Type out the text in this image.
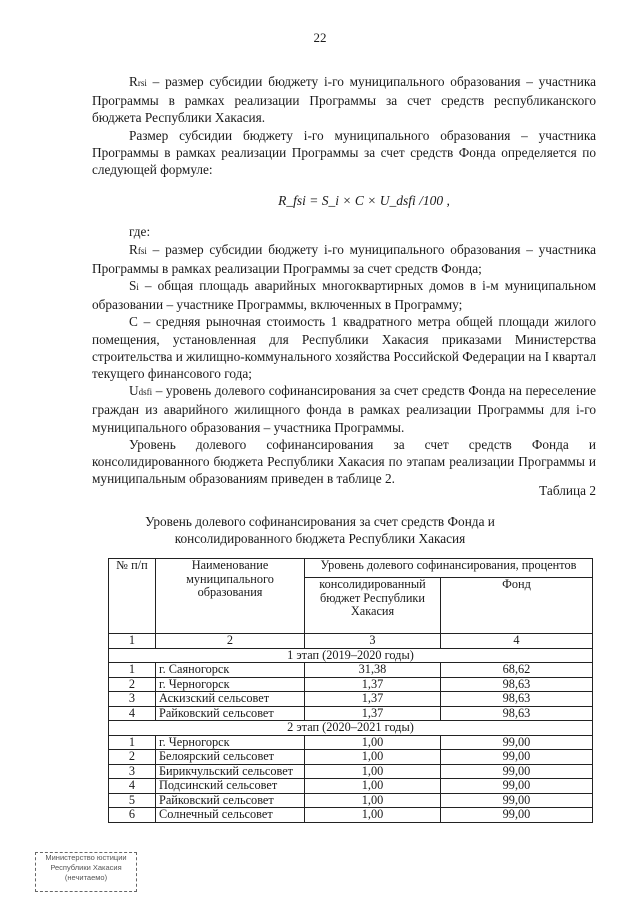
22

Rrsi – размер субсидии бюджету i-го муниципального образования – участника Программы в рамках реализации Программы за счет средств республиканского бюджета Республики Хакасия.

Размер субсидии бюджету i-го муниципального образования – участника Программы в рамках реализации Программы за счет средств Фонда определяется по следующей формуле:

R_fsi = S_i × C × U_dsfi /100 ,

где:

Rfsi – размер субсидии бюджету i-го муниципального образования – участника Программы в рамках реализации Программы за счет средств Фонда;

Si – общая площадь аварийных многоквартирных домов в i-м муниципальном образовании – участнике Программы, включенных в Программу;

С – средняя рыночная стоимость 1 квадратного метра общей площади жилого помещения, установленная для Республики Хакасия приказами Министерства строительства и жилищно-коммунального хозяйства Российской Федерации на I квартал текущего финансового года;

Udsfi – уровень долевого софинансирования за счет средств Фонда на переселение граждан из аварийного жилищного фонда в рамках реализации Программы для i-го муниципального образования – участника Программы.

Уровень долевого софинансирования за счет средств Фонда и консолидированного бюджета Республики Хакасия по этапам реализации Программы и муниципальным образованиям приведен в таблице 2.

Таблица 2
Уровень долевого софинансирования за счет средств Фонда и
консолидированного бюджета Республики Хакасия
№ п/п	Наименование муниципального образования	Уровень долевого софинансирования, процентов	
		консолидированный бюджет Республики Хакасия	Фонд
1	2	3	4
1 этап (2019–2020 годы)			
1	г. Саяногорск	31,38	68,62
2	г. Черногорск	1,37	98,63
3	Аскизский сельсовет	1,37	98,63
4	Райковский сельсовет	1,37	98,63
2 этап (2020–2021 годы)			
1	г. Черногорск	1,00	99,00
2	Белоярский сельсовет	1,00	99,00
3	Бирикчульский сельсовет	1,00	99,00
4	Подсинский сельсовет	1,00	99,00
5	Райковский сельсовет	1,00	99,00
6	Солнечный сельсовет	1,00	99,00
Министерство юстиции
Республики Хакасия
(нечитаемо)
